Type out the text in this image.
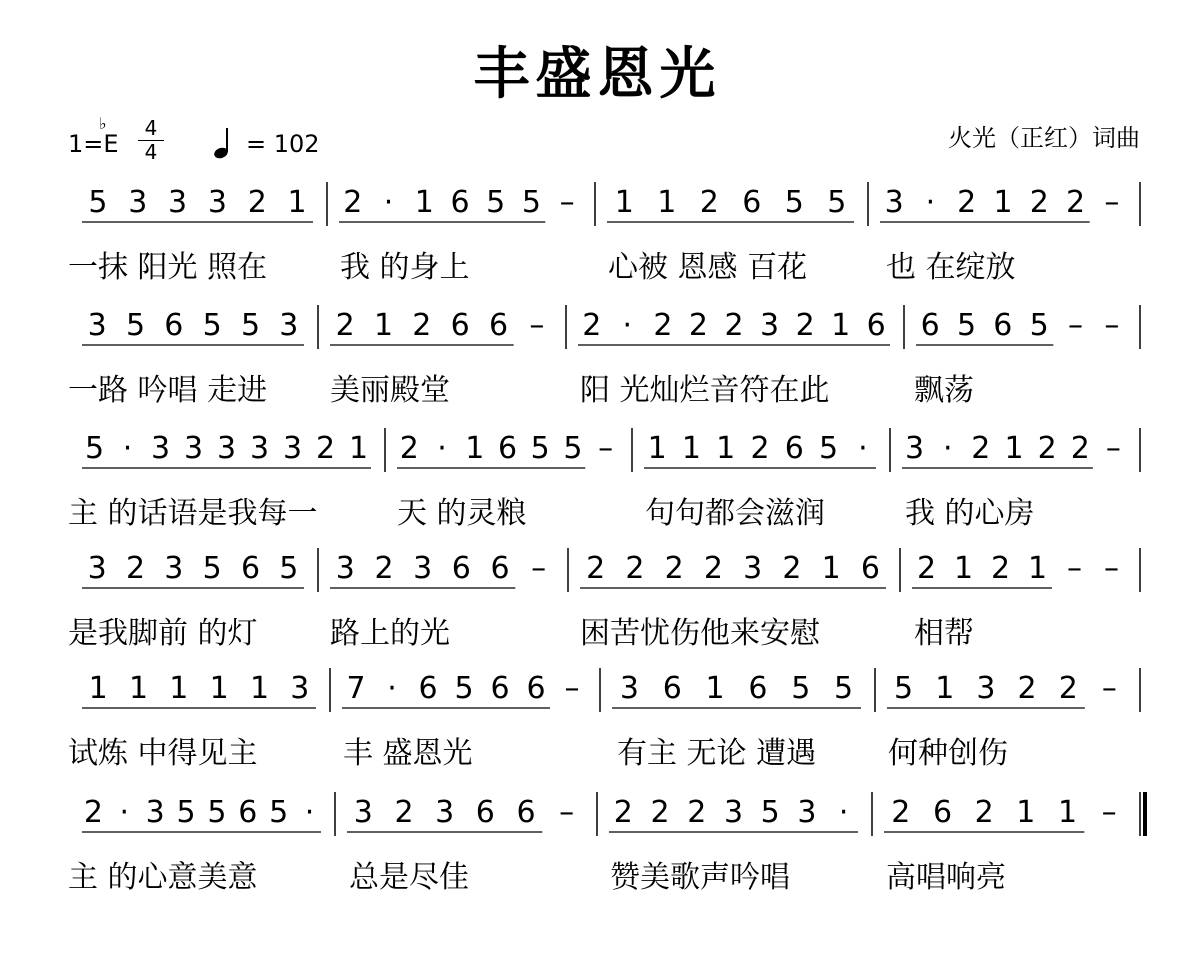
丰盛恩光
1=E
♭	4
4	= 102	火光（正红）词曲
5 3 3 3 2 1 2 · 1 6 5 5 – 1 1 2 6 5 5 3 · 2 1 2 2 –
3 5 6 5 5 3 2 1 2 6 6 – 2 · 2 2 2 3 2 1 6 6 5 6 5 – –
5 · 3 3 3 3 3 2 1 2 · 1 6 5 5 – 1 1 1 2 6 5 · 3 · 2 1 2 2 –
3 2 3 5 6 5 3 2 3 6 6 – 2 2 2 2 3 2 1 6 2 1 2 1 – –
1 1 1 1 1 3 7 · 6 5 6 6 – 3 6 1 6 5 5 5 1 3 2 2 –
2 · 3 5 5 6 5 · 3 2 3 6 6 – 2 2 2 3 5 3 · 2 6 2 1 1 –
一抹 阳光 照在 我 的身上	心被 恩感 百花	也 在绽放
一路 吟唱 走进 美丽殿堂	阳 光灿烂音符在此	飘荡
主 的话语是我每一	天 的灵粮	句句都会滋润	我 的心房
是我脚前 的灯 路上的光	困苦忧伤他来安慰	相帮
试炼 中得见主	丰 盛恩光	有主 无论 遭遇 何种创伤
主 的心意美意	总是尽佳	赞美歌声吟唱	高唱响亮
